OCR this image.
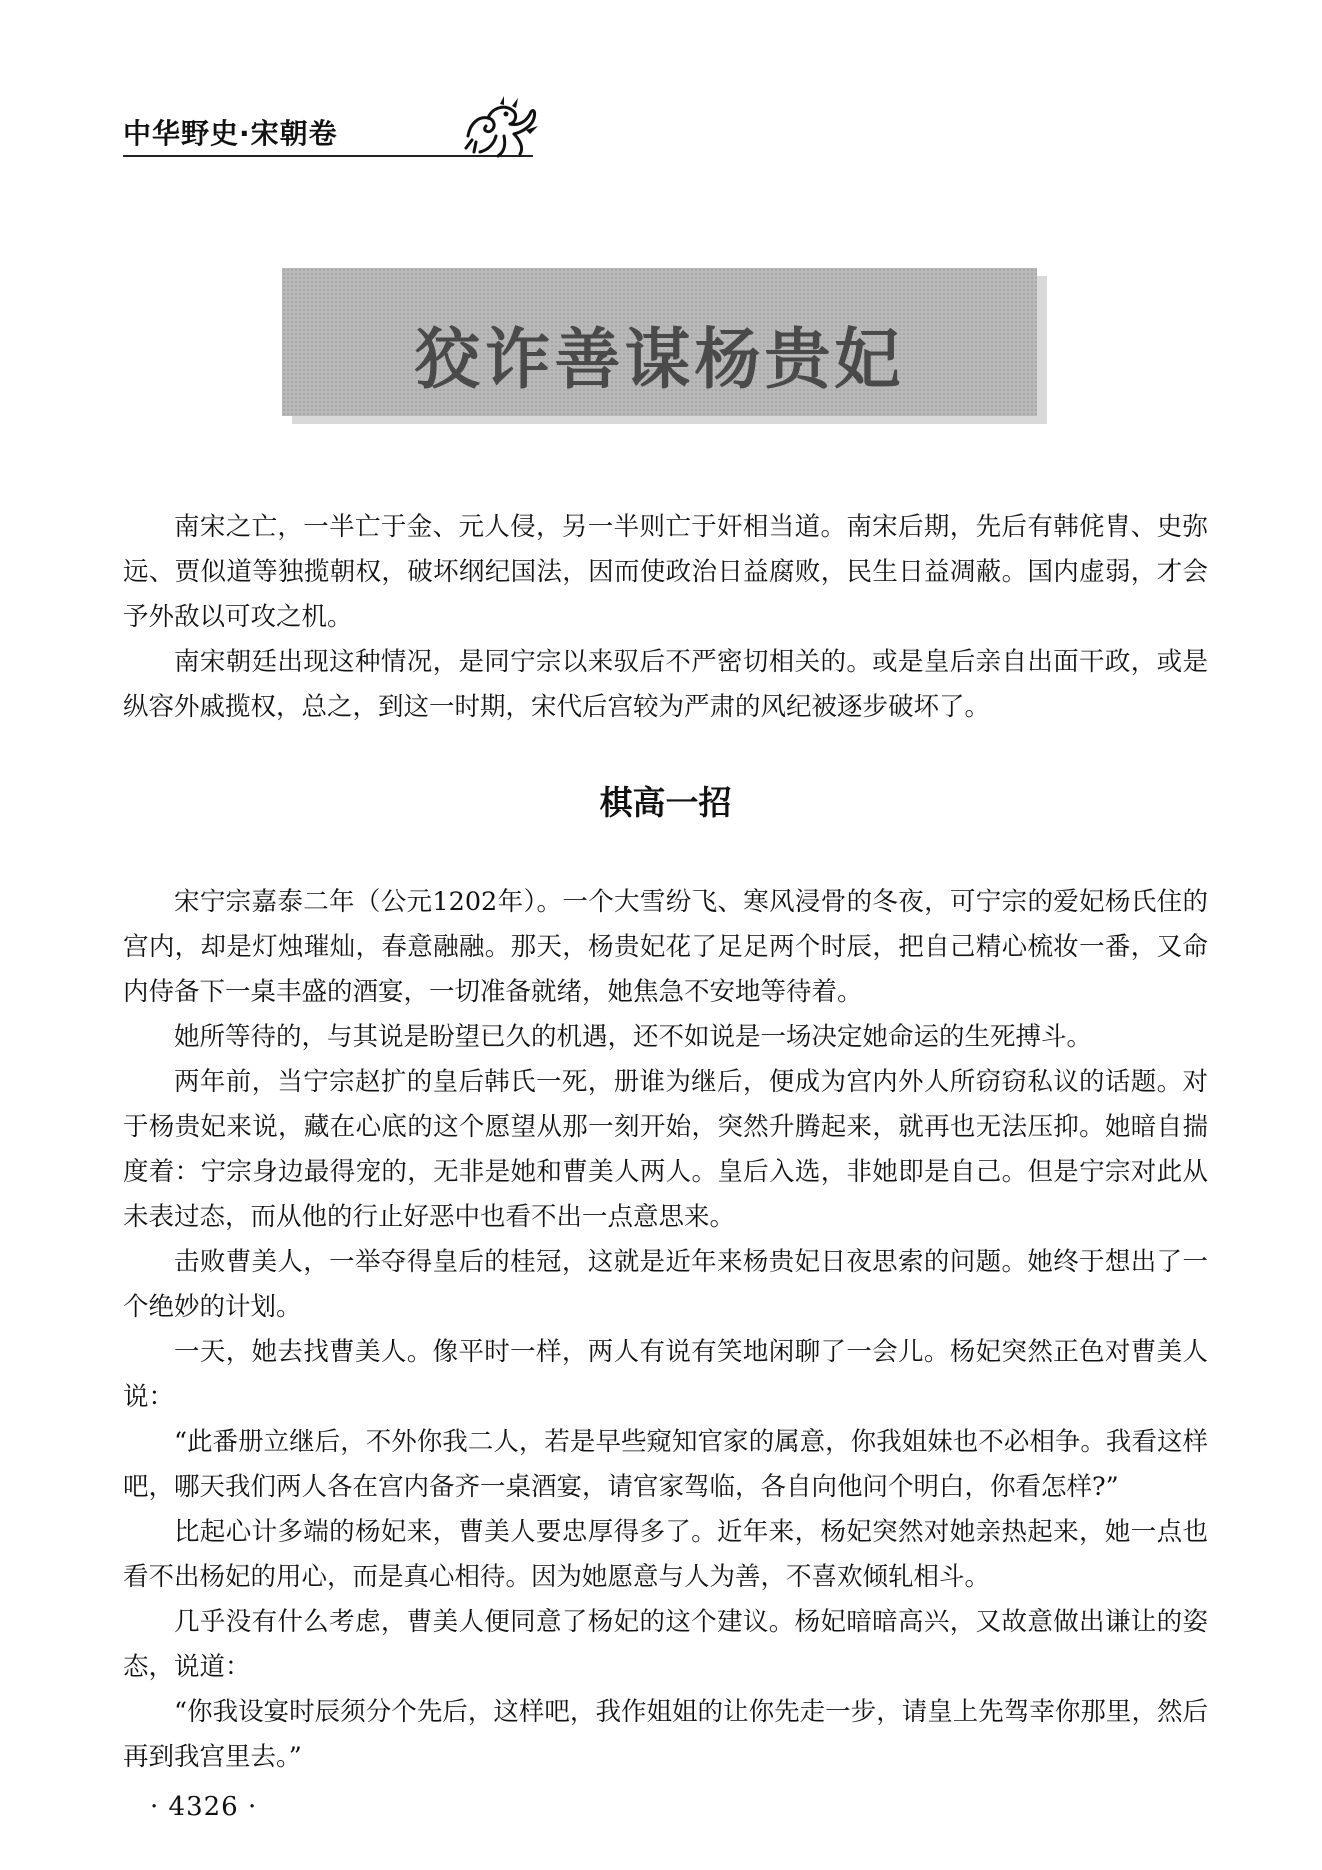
中华野史·宋朝卷
狡诈善谋杨贵妃

南宋之亡，一半亡于金、元人侵，另一半则亡于奸相当道。南宋后期，先后有韩侂胄、史弥远、贾似道等独揽朝权，破坏纲纪国法，因而使政治日益腐败，民生日益凋蔽。国内虚弱，才会予外敌以可攻之机。

南宋朝廷出现这种情况，是同宁宗以来驭后不严密切相关的。或是皇后亲自出面干政，或是纵容外戚揽权，总之，到这一时期，宋代后宫较为严肃的风纪被逐步破坏了。

棋高一招

宋宁宗嘉泰二年（公元1202年）。一个大雪纷飞、寒风浸骨的冬夜，可宁宗的爱妃杨氏住的宫内，却是灯烛璀灿，春意融融。那天，杨贵妃花了足足两个时辰，把自己精心梳妆一番，又命内侍备下一桌丰盛的酒宴，一切准备就绪，她焦急不安地等待着。

她所等待的，与其说是盼望已久的机遇，还不如说是一场决定她命运的生死搏斗。

两年前，当宁宗赵扩的皇后韩氏一死，册谁为继后，便成为宫内外人所窃窃私议的话题。对于杨贵妃来说，藏在心底的这个愿望从那一刻开始，突然升腾起来，就再也无法压抑。她暗自揣度着：宁宗身边最得宠的，无非是她和曹美人两人。皇后入选，非她即是自己。但是宁宗对此从未表过态，而从他的行止好恶中也看不出一点意思来。

击败曹美人，一举夺得皇后的桂冠，这就是近年来杨贵妃日夜思索的问题。她终于想出了一个绝妙的计划。

一天，她去找曹美人。像平时一样，两人有说有笑地闲聊了一会儿。杨妃突然正色对曹美人说：

“此番册立继后，不外你我二人，若是早些窥知官家的属意，你我姐妹也不必相争。我看这样吧，哪天我们两人各在宫内备齐一桌酒宴，请官家驾临，各自向他问个明白，你看怎样?”

比起心计多端的杨妃来，曹美人要忠厚得多了。近年来，杨妃突然对她亲热起来，她一点也看不出杨妃的用心，而是真心相待。因为她愿意与人为善，不喜欢倾轧相斗。

几乎没有什么考虑，曹美人便同意了杨妃的这个建议。杨妃暗暗高兴，又故意做出谦让的姿态，说道：

“你我设宴时辰须分个先后，这样吧，我作姐姐的让你先走一步，请皇上先驾幸你那里，然后再到我宫里去。”

· 4326 ·
